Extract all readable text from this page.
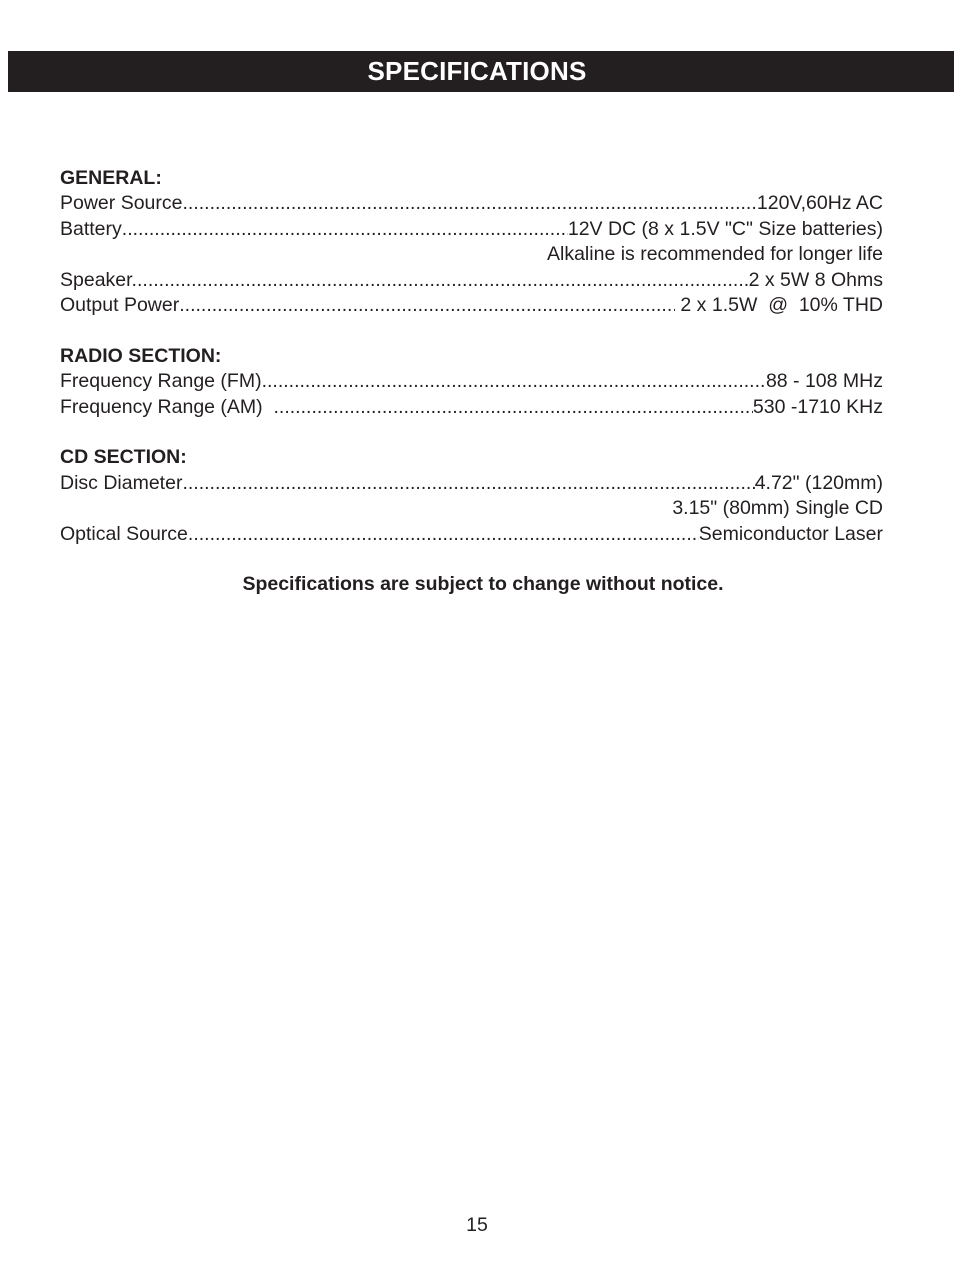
SPECIFICATIONS
GENERAL:
Power Source .....	120V,60Hz AC
Battery .....	12V DC (8 x 1.5V "C" Size batteries)
Alkaline is recommended for longer life
Speaker. .....	2 x 5W 8 Ohms
Output Power .....	2 x 1.5W  @  10% THD
RADIO SECTION:
Frequency Range (FM) .....	88 - 108 MHz
Frequency Range (AM) .....	530 -1710 KHz
CD SECTION:
Disc Diameter .....	4.72" (120mm)
3.15" (80mm) Single CD
Optical Source .....	Semiconductor Laser
Specifications are subject to change without notice.
15
